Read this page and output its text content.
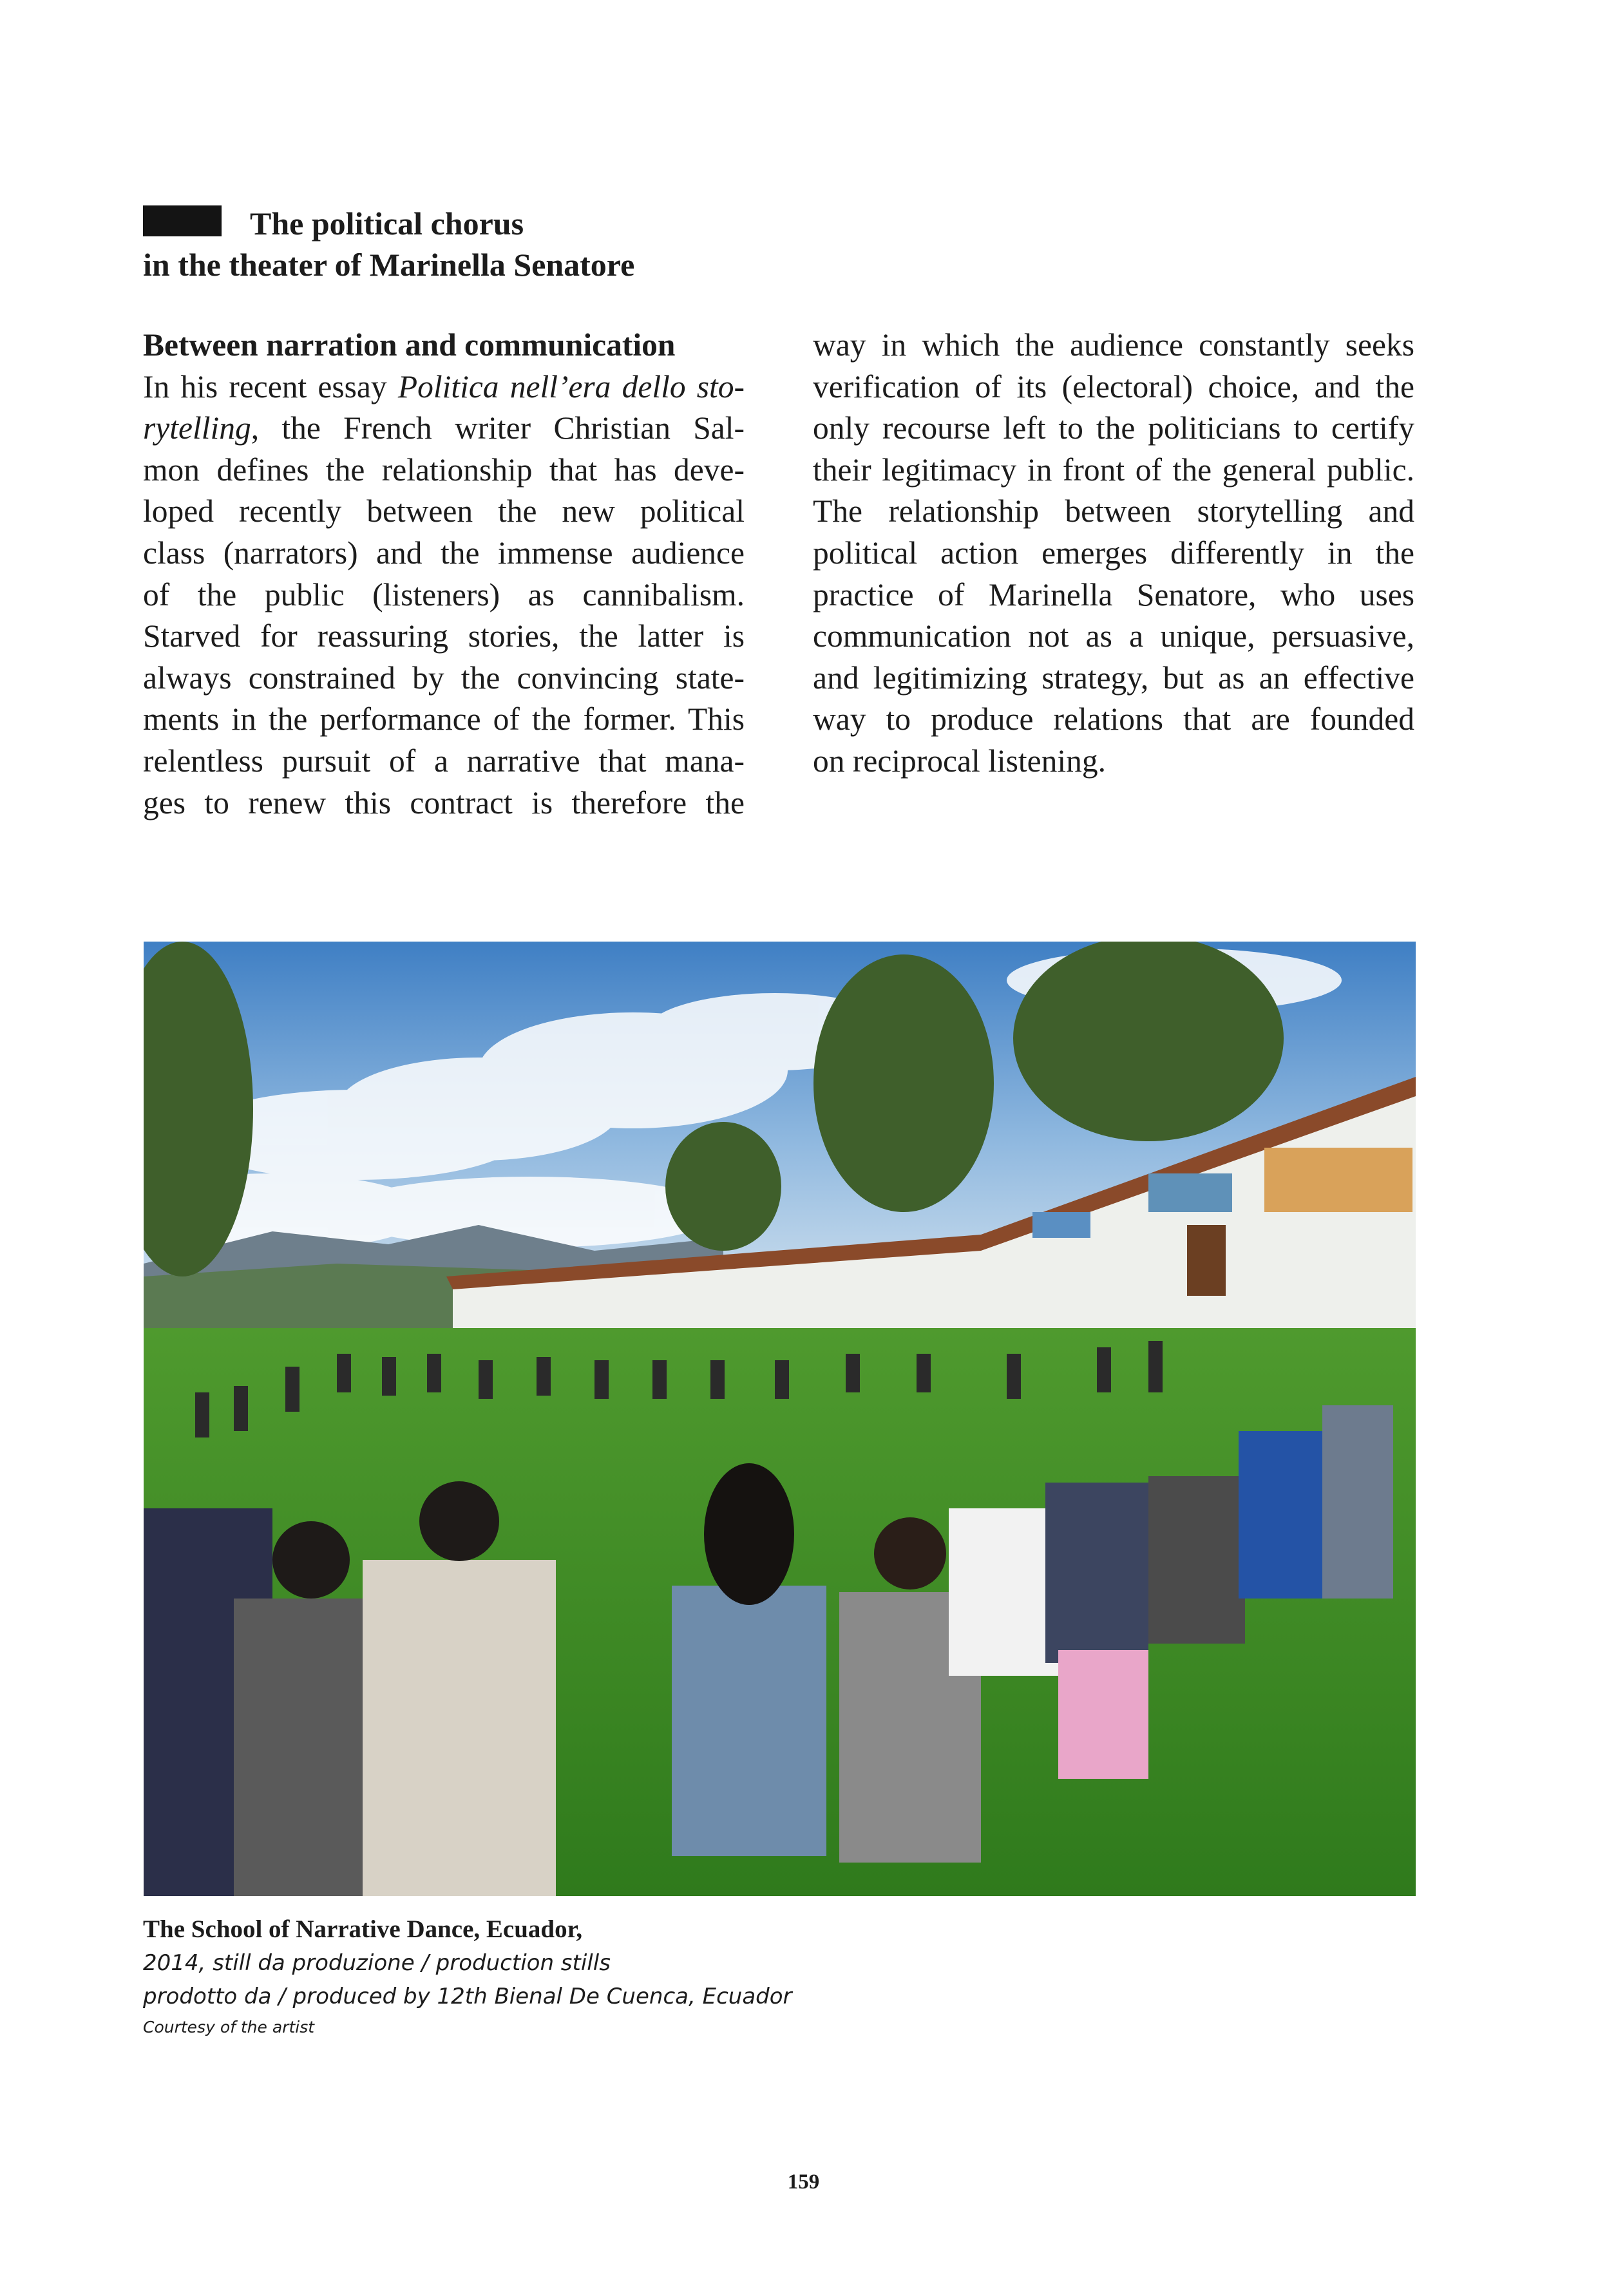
The political chorus
in the theater of Marinella Senatore
Between narration and communication
In his recent essay Politica nell’era dello sto-
rytelling, the French writer Christian Sal-
mon defines the relationship that has deve-
loped recently between the new political
class (narrators) and the immense audience
of the public (listeners) as cannibalism.
Starved for reassuring stories, the latter is
always constrained by the convincing state-
ments in the performance of the former. This
relentless pursuit of a narrative that mana-
ges to renew this contract is therefore the
way in which the audience constantly seeks
verification of its (electoral) choice, and the
only recourse left to the politicians to certify
their legitimacy in front of the general public.
The relationship between storytelling and
political action emerges differently in the
practice of Marinella Senatore, who uses
communication not as a unique, persuasive,
and legitimizing strategy, but as an effective
way to produce relations that are founded
on reciprocal listening.
The School of Narrative Dance, Ecuador,
2014, still da produzione / production stills
prodotto da / produced by 12th Bienal De Cuenca, Ecuador
Courtesy of the artist
159
